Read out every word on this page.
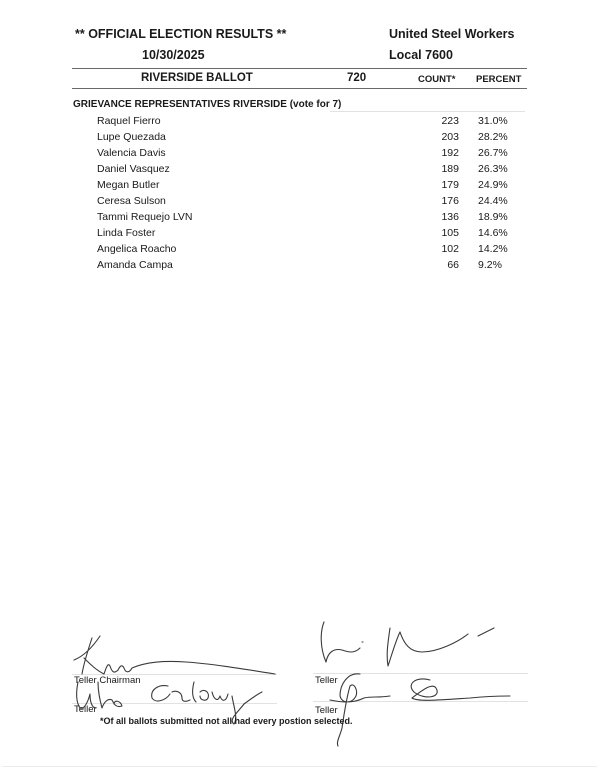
** OFFICIAL ELECTION RESULTS **
10/30/2025
United Steel Workers
Local 7600
RIVERSIDE BALLOT	720	COUNT* PERCENT
GRIEVANCE REPRESENTATIVES RIVERSIDE (vote for 7)
Raquel Fierro	223 31.0%
Lupe Quezada	203 28.2%
Valencia Davis	192 26.7%
Daniel Vasquez	189 26.3%
Megan Butler	179 24.9%
Ceresa Sulson	176 24.4%
Tammi Requejo LVN	136 18.9%
Linda Foster	105 14.6%
Angelica Roacho	102 14.2%
Amanda Campa	66 9.2%
Teller Chairman
Teller
Teller
Teller
*Of all ballots submitted not all had every postion selected.
